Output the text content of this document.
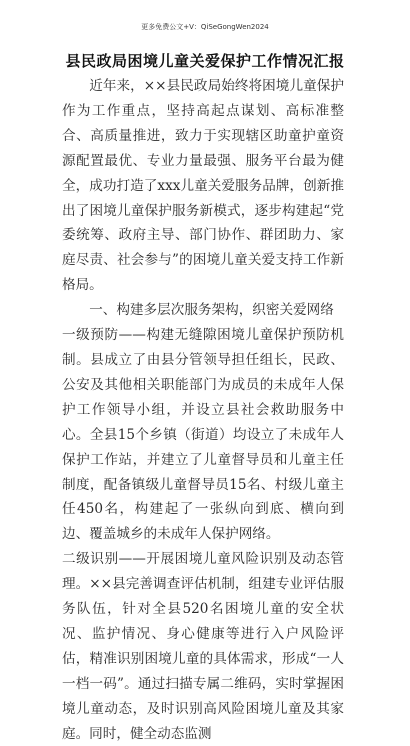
更多免费公文+V：QiSeGongWen2024
县民政局困境儿童关爱保护工作情况汇报

近年来，××县民政局始终将困境儿童保护作为工作重点，坚持高起点谋划、高标准整合、高质量推进，致力于实现辖区助童护童资源配置最优、专业力量最强、服务平台最为健全，成功打造了xxx儿童关爱服务品牌，创新推出了困境儿童保护服务新模式，逐步构建起“党委统筹、政府主导、部门协作、群团助力、家庭尽责、社会参与”的困境儿童关爱支持工作新格局。

一、构建多层次服务架构，织密关爱网络

一级预防——构建无缝隙困境儿童保护预防机制。县成立了由县分管领导担任组长，民政、公安及其他相关职能部门为成员的未成年人保护工作领导小组，并设立县社会救助服务中心。全县15个乡镇（街道）均设立了未成年人保护工作站，并建立了儿童督导员和儿童主任制度，配备镇级儿童督导员15名、村级儿童主任450名，构建起了一张纵向到底、横向到边、覆盖城乡的未成年人保护网络。

二级识别——开展困境儿童风险识别及动态管理。××县完善调查评估机制，组建专业评估服务队伍，针对全县520名困境儿童的安全状况、监护情况、身心健康等进行入户风险评估，精准识别困境儿童的具体需求，形成“一人一档一码”。通过扫描专属二维码，实时掌握困境儿童动态，及时识别高风险困境儿童及其家庭。同时，健全动态监测
